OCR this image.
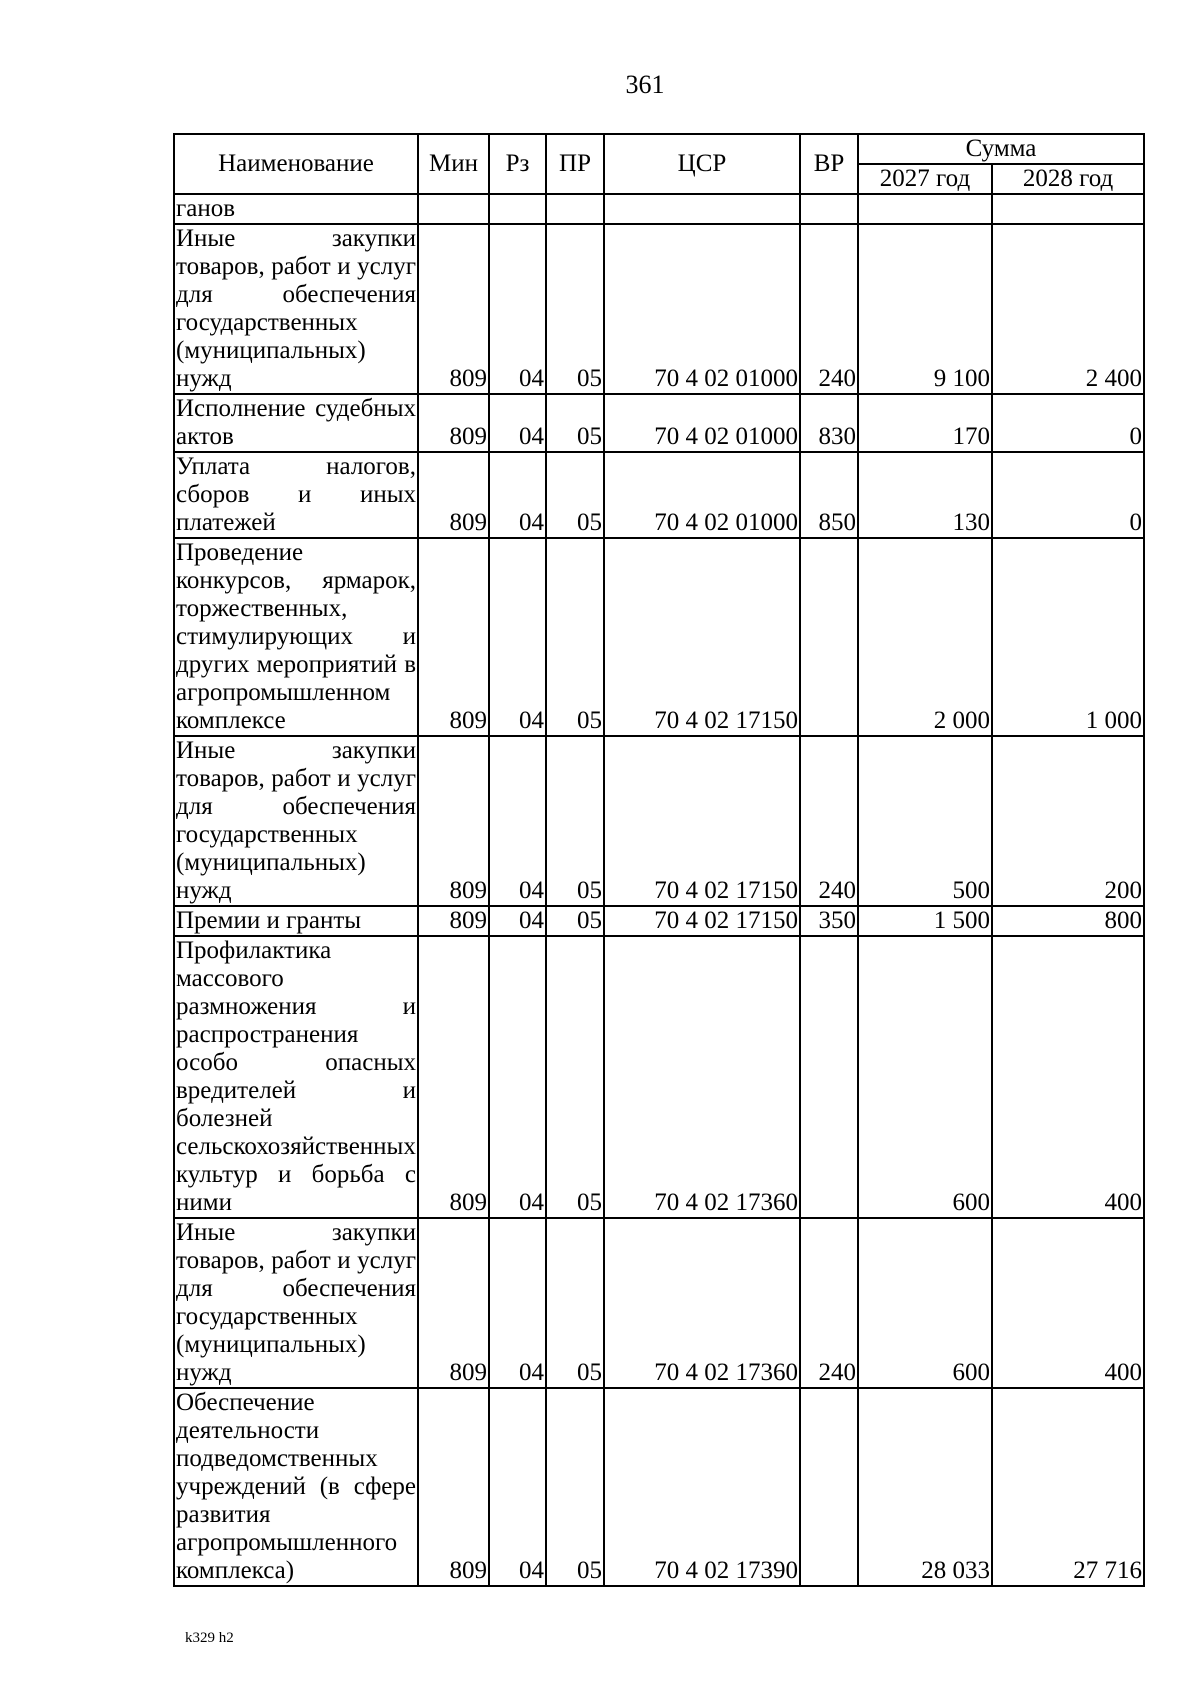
361
Наименование	Мин	Рз	ПР	ЦСР	ВР	Сумма	
						2027 год	2028 год
ганов							
Иные закупки товаров, работ и услуг для обеспечения государственных (муниципальных) нужд	809	04	05	70 4 02 01000	240	9 100	2 400
Исполнение судебных актов	809	04	05	70 4 02 01000	830	170	0
Уплата налогов, сборов и иных платежей	809	04	05	70 4 02 01000	850	130	0
Проведение конкурсов, ярмарок, торжественных, стимулирующих и других мероприятий в агропромышленном комплексе	809	04	05	70 4 02 17150		2 000	1 000
Иные закупки товаров, работ и услуг для обеспечения государственных (муниципальных) нужд	809	04	05	70 4 02 17150	240	500	200
Премии и гранты	809	04	05	70 4 02 17150	350	1 500	800
Профилактика массового размножения и распространения особо опасных вредителей и болезней сельскохозяйственных культур и борьба с ними	809	04	05	70 4 02 17360		600	400
Иные закупки товаров, работ и услуг для обеспечения государственных (муниципальных) нужд	809	04	05	70 4 02 17360	240	600	400
Обеспечение деятельности подведомственных учреждений (в сфере развития агропромышленного комплекса)	809	04	05	70 4 02 17390		28 033	27 716
k329 h2
